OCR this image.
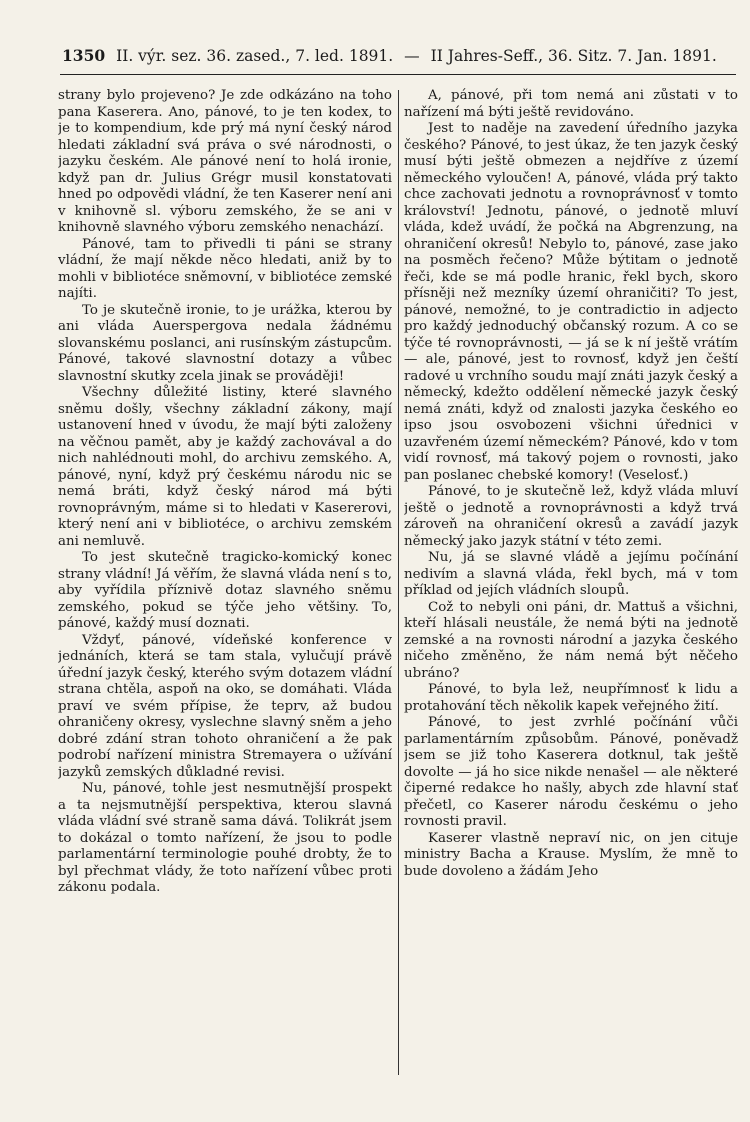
1350 II. výr. sez. 36. zased., 7. led. 1891. — II Jahres-Seff., 36. Sitz. 7. Jan. 1891.

strany bylo projeveno? Je zde odkázáno na toho pana Kaserera. Ano, pánové, to je ten kodex, to je to kompendium, kde prý má nyní český národ hledati základní svá práva o své národnosti, o jazyku českém. Ale pánové není to holá ironie, když pan dr. Julius Grégr musil konstatovati hned po odpovědi vládní, že ten Kaserer není ani v knihovně sl. výboru zemského, že se ani v knihovně slavného výboru zemského nenachází.

Pánové, tam to přivedli ti páni se strany vládní, že mají někde něco hledati, aniž by to mohli v bibliotéce sněmovní, v bibliotéce zemské najíti.

To je skutečně ironie, to je urážka, kterou by ani vláda Auerspergova nedala žádnému slovanskému poslanci, ani rusínským zástupcům. Pánové, takové slavnostní dotazy a vůbec slavnostní skutky zcela jinak se prováději!

Všechny důležité listiny, které slavného sněmu došly, všechny základní zákony, mají ustanovení hned v úvodu, že mají býti založeny na věčnou pamět, aby je každý zachovával a do nich nahlédnouti mohl, do archivu zemského. A, pánové, nyní, když prý českému národu nic se nemá bráti, když český národ má býti rovnoprávným, máme si to hledati v Kasererovi, který není ani v bibliotéce, o archivu zemském ani nemluvě.

To jest skutečně tragicko-komický konec strany vládní! Já věřím, že slavná vláda není s to, aby vyřídila příznivě dotaz slavného sněmu zemského, pokud se týče jeho většiny. To, pánové, každý musí doznati.

Vždyť, pánové, vídeňské konference v jednáních, která se tam stala, vylučují právě úřední jazyk český, kterého svým dotazem vládní strana chtěla, aspoň na oko, se domáhati. Vláda praví ve svém přípise, že teprv, až budou ohraničeny okresy, vyslechne slavný sněm a jeho dobré zdání stran tohoto ohraničení a že pak podrobí nařízení ministra Stremayera o užívání jazyků zemských důkladné revisi.

Nu, pánové, tohle jest nesmutnější prospekt a ta nejsmutnější perspektiva, kterou slavná vláda vládní své straně sama dává. Tolikrát jsem to dokázal o tomto nařízení, že jsou to podle parlamentární terminologie pouhé drobty, že to byl přechmat vlády, že toto nařízení vůbec proti zákonu podala.

A, pánové, při tom nemá ani zůstati v to nařízení má býti ještě revidováno.

Jest to naděje na zavedení úředního jazyka českého? Pánové, to jest úkaz, že ten jazyk český musí býti ještě obmezen a nejdříve z území německého vyloučen! A, pánové, vláda prý takto chce zachovati jednotu a rovnoprávnosť v tomto království! Jednotu, pánové, o jednotě mluví vláda, kdež uvádí, že počká na Abgrenzung, na ohraničení okresů! Nebylo to, pánové, zase jako na posměch řečeno? Může býtitam o jednotě řeči, kde se má podle hranic, řekl bych, skoro přísněji než mezníky území ohraničiti? To jest, pánové, nemožné, to je contradictio in adjecto pro každý jednoduchý občanský rozum. A co se týče té rovnoprávnosti, — já se k ní ještě vrátím — ale, pánové, jest to rovnosť, když jen čeští radové u vrchního soudu mají znáti jazyk český a německý, kdežto oddělení německé jazyk český nemá znáti, když od znalosti jazyka českého eo ipso jsou osvobozeni všichni úřednici v uzavřeném území německém? Pánové, kdo v tom vidí rovnosť, má takový pojem o rovnosti, jako pan poslanec chebské komory! (Veselosť.)

Pánové, to je skutečně lež, když vláda mluví ještě o jednotě a rovnoprávnosti a když trvá zároveň na ohraničení okresů a zavádí jazyk německý jako jazyk státní v této zemi.

Nu, já se slavné vládě a jejímu počínání nedivím a slavná vláda, řekl bych, má v tom příklad od jejích vládních sloupů.

Což to nebyli oni páni, dr. Mattuš a všichni, kteří hlásali neustále, že nemá býti na jednotě zemské a na rovnosti národní a jazyka českého ničeho změněno, že nám nemá být něčeho ubráno?

Pánové, to byla lež, neupřímnosť k lidu a protahování těch několik kapek veřejného žití.

Pánové, to jest zvrhlé počínání vůči parlamentárním způsobům. Pánové, poněvadž jsem se již toho Kaserera dotknul, tak ještě dovolte — já ho sice nikde nenašel — ale některé čiperné redakce ho našly, abych zde hlavní stať přečetl, co Kaserer národu českému o jeho rovnosti pravil.

Kaserer vlastně nepraví nic, on jen cituje ministry Bacha a Krause. Myslím, že mně to bude dovoleno a žádám Jeho
